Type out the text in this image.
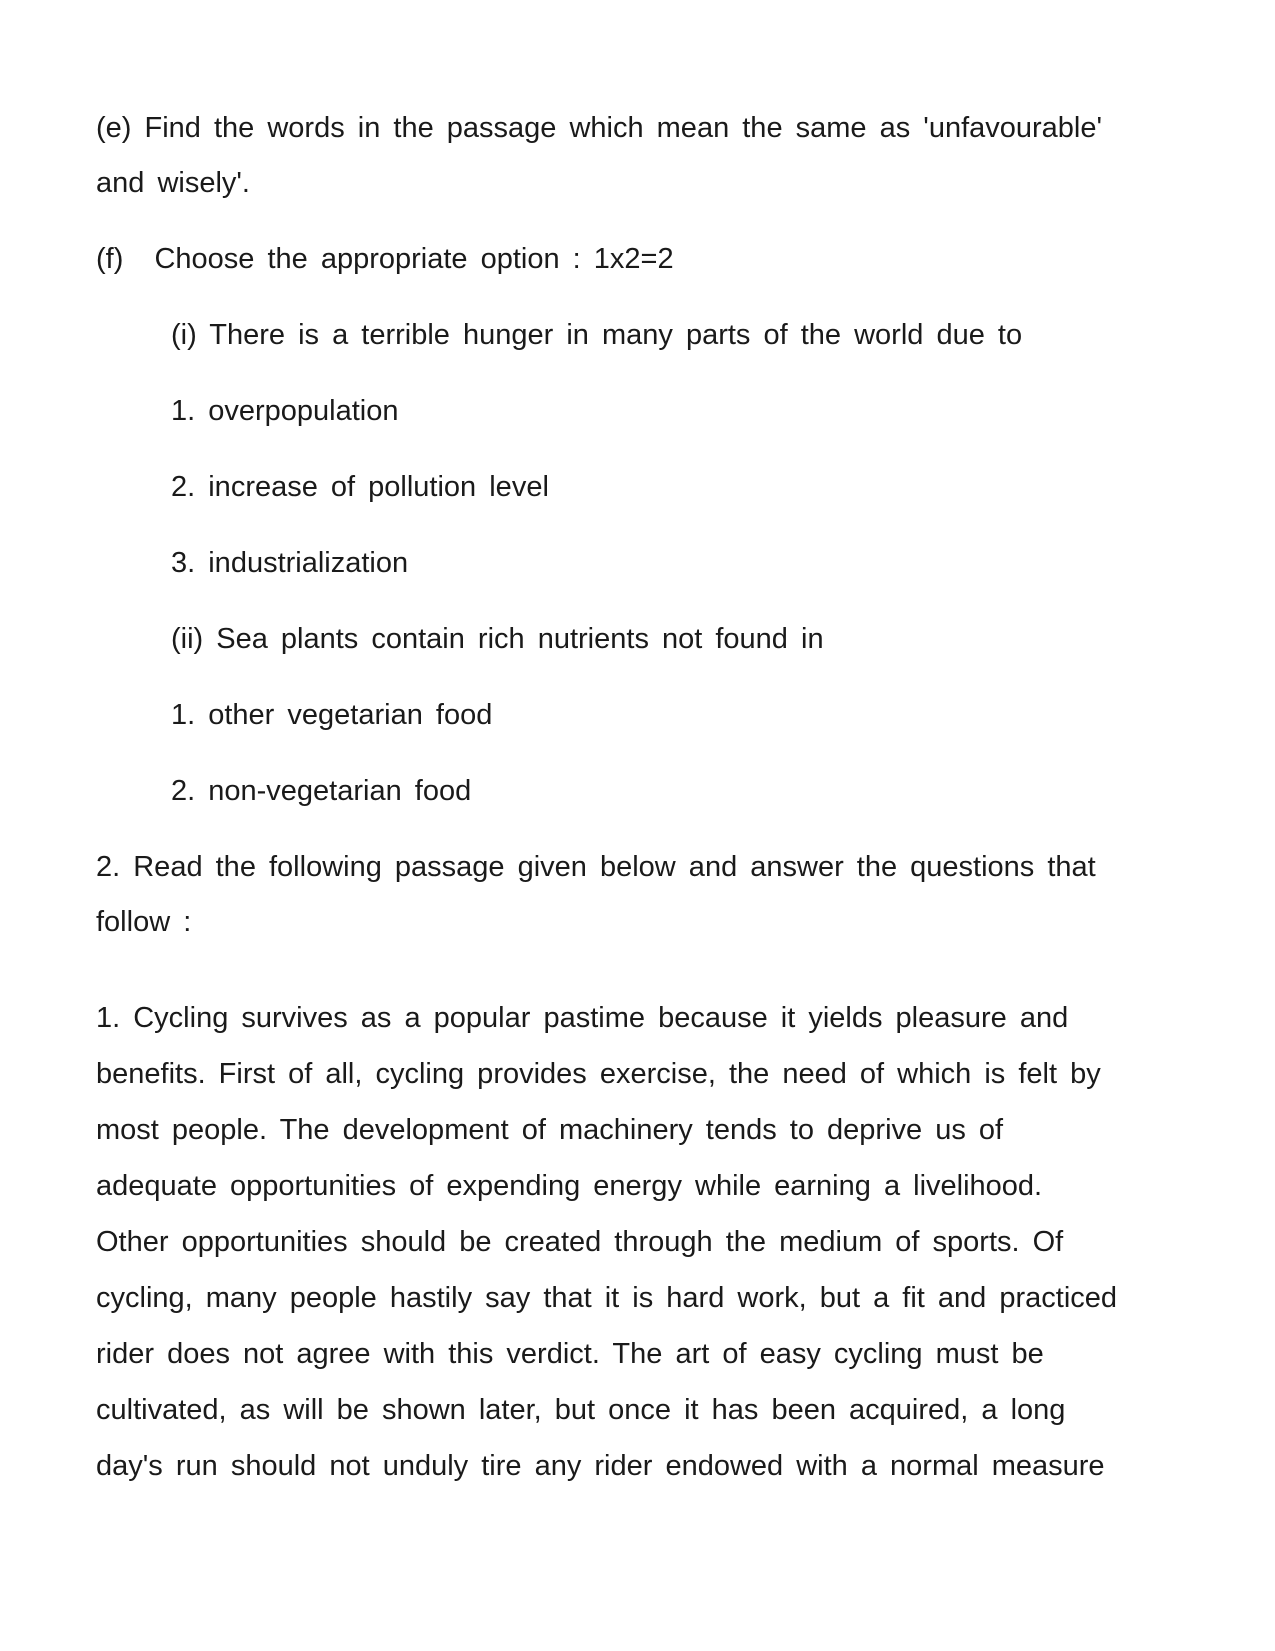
(e) Find the words in the passage which mean the same as 'unfavourable'

and wisely'.

(f) Choose the appropriate option : 1x2=2

(i) There is a terrible hunger in many parts of the world due to

1. overpopulation

2. increase of pollution level

3. industrialization

(ii) Sea plants contain rich nutrients not found in

1. other vegetarian food

2. non-vegetarian food

2. Read the following passage given below and answer the questions that

follow :

1. Cycling survives as a popular pastime because it yields pleasure and
benefits. First of all, cycling provides exercise, the need of which is felt by
most people. The development of machinery tends to deprive us of
adequate opportunities of expending energy while earning a livelihood.
Other opportunities should be created through the medium of sports. Of
cycling, many people hastily say that it is hard work, but a fit and practiced
rider does not agree with this verdict. The art of easy cycling must be
cultivated, as will be shown later, but once it has been acquired, a long
day's run should not unduly tire any rider endowed with a normal measure
